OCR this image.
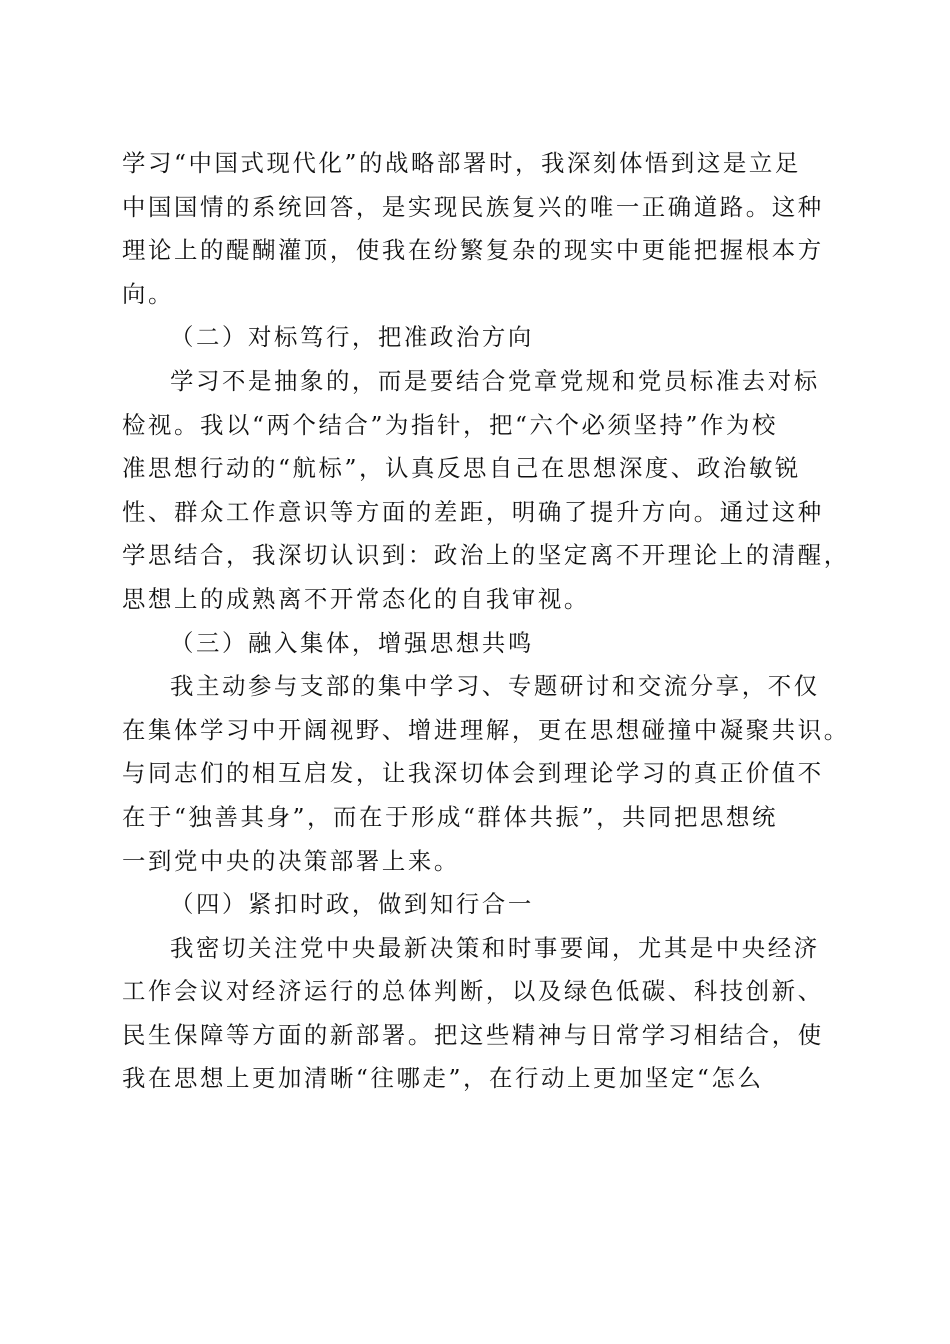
学习“中国式现代化”的战略部署时，我深刻体悟到这是立足
中国国情的系统回答，是实现民族复兴的唯一正确道路。这种
理论上的醍醐灌顶，使我在纷繁复杂的现实中更能把握根本方
向。
（二）对标笃行，把准政治方向
学习不是抽象的，而是要结合党章党规和党员标准去对标
检视。我以“两个结合”为指针，把“六个必须坚持”作为校
准思想行动的“航标”，认真反思自己在思想深度、政治敏锐
性、群众工作意识等方面的差距，明确了提升方向。通过这种
学思结合，我深切认识到：政治上的坚定离不开理论上的清醒，
思想上的成熟离不开常态化的自我审视。
（三）融入集体，增强思想共鸣
我主动参与支部的集中学习、专题研讨和交流分享，不仅
在集体学习中开阔视野、增进理解，更在思想碰撞中凝聚共识。
与同志们的相互启发，让我深切体会到理论学习的真正价值不
在于“独善其身”，而在于形成“群体共振”，共同把思想统
一到党中央的决策部署上来。
（四）紧扣时政，做到知行合一
我密切关注党中央最新决策和时事要闻，尤其是中央经济
工作会议对经济运行的总体判断，以及绿色低碳、科技创新、
民生保障等方面的新部署。把这些精神与日常学习相结合，使
我在思想上更加清晰“往哪走”，在行动上更加坚定“怎么
